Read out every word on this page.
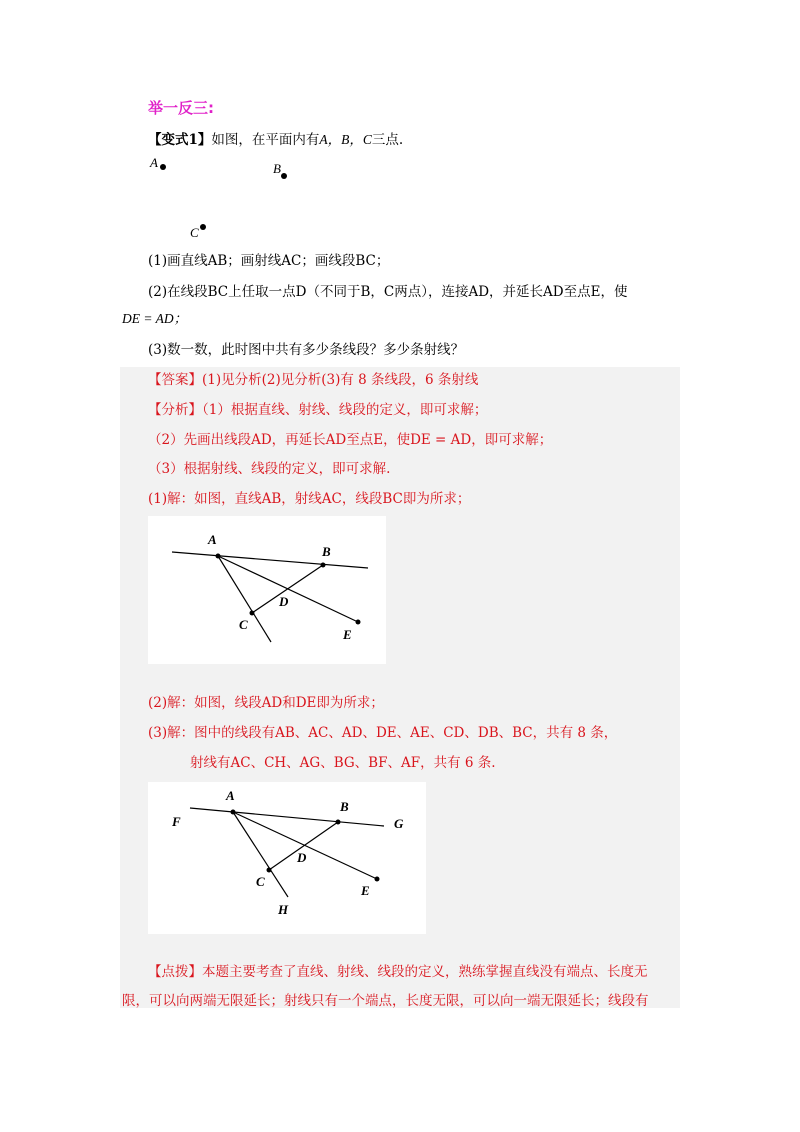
举一反三:
【变式1】如图，在平面内有A，B，C三点.
A	B
C
(1)画直线AB；画射线AC；画线段BC；
(2)在线段BC上任取一点D（不同于B，C两点），连接AD，并延长AD至点E，使
DE = AD；
(3)数一数，此时图中共有多少条线段？多少条射线？
【答案】(1)见分析(2)见分析(3)有 8 条线段，6 条射线
【分析】（1）根据直线、射线、线段的定义，即可求解；
（2）先画出线段AD，再延长AD至点E，使DE = AD，即可求解；
（3）根据射线、线段的定义，即可求解.
(1)解：如图，直线AB，射线AC，线段BC即为所求；
A
B
D
C
E
(2)解：如图，线段AD和DE即为所求；
(3)解：图中的线段有AB、AC、AD、DE、AE、CD、DB、BC，共有 8 条，
射线有AC、CH、AG、BG、BF、AF，共有 6 条.
F
A
B
G
D
C
E
H
【点拨】本题主要考查了直线、射线、线段的定义，熟练掌握直线没有端点、长度无
限，可以向两端无限延长；射线只有一个端点，长度无限，可以向一端无限延长；线段有
